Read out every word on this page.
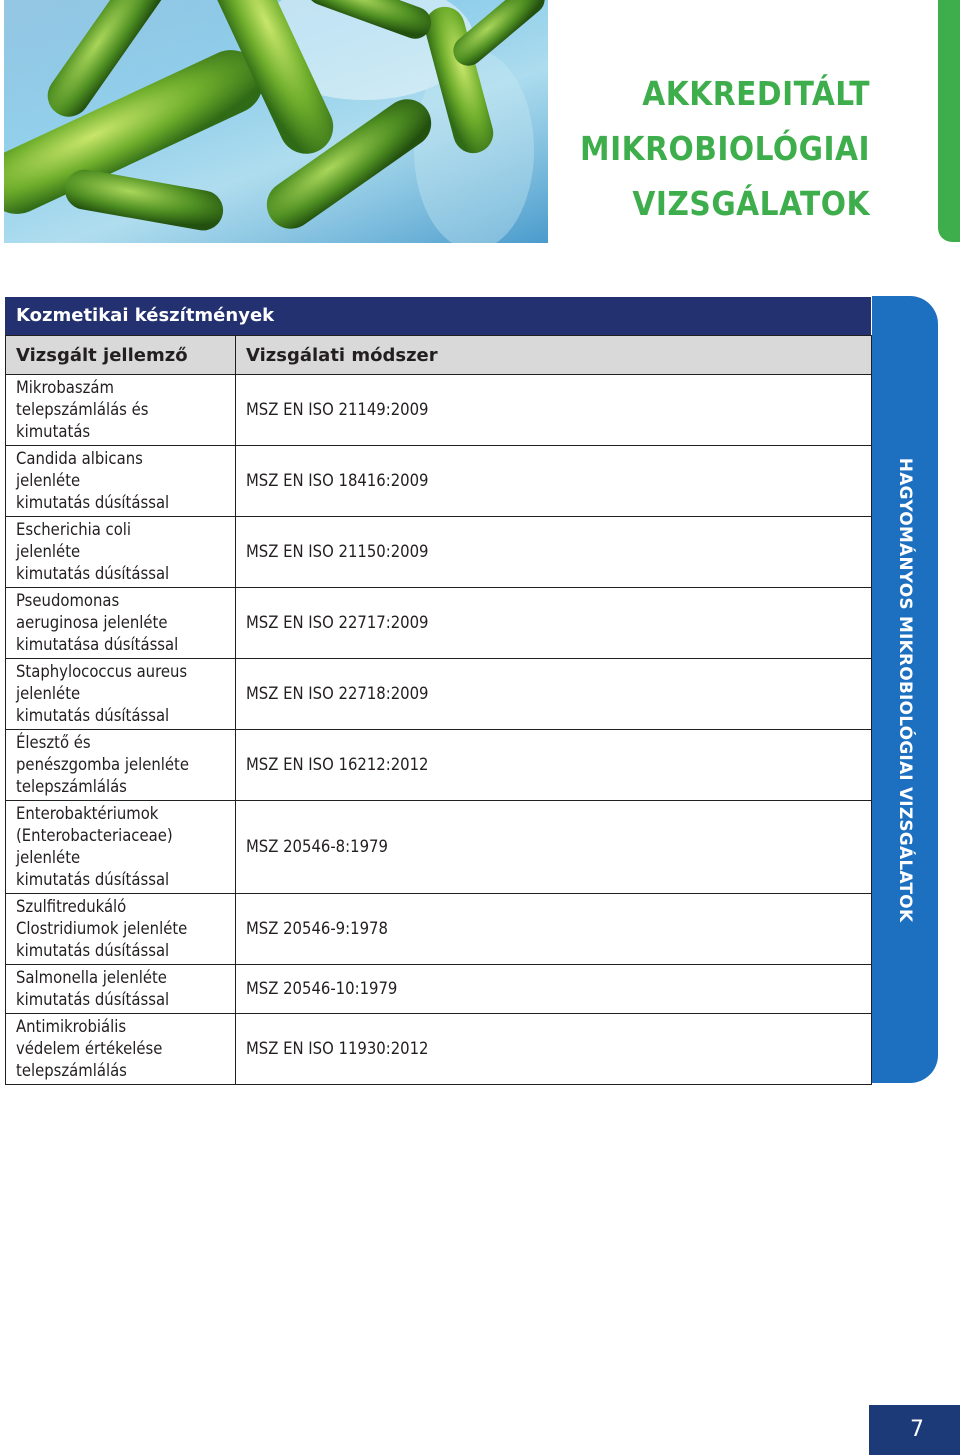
AKKREDITÁLT
MIKROBIOLÓGIAI
VIZSGÁLATOK
HAGYOMÁNYOS MIKROBIOLÓGIAI VIZSGÁLATOK
Kozmetikai készítmények
Vizsgált jellemző	Vizsgálati módszer
Mikrobaszám
telepszámlálás és
kimutatás	MSZ EN ISO 21149:2009
Candida albicans
jelenléte
kimutatás dúsítással	MSZ EN ISO 18416:2009
Escherichia coli
jelenléte
kimutatás dúsítással	MSZ EN ISO 21150:2009
Pseudomonas
aeruginosa jelenléte
kimutatása dúsítással	MSZ EN ISO 22717:2009
Staphylococcus aureus
jelenléte
kimutatás dúsítással	MSZ EN ISO 22718:2009
Élesztő és
penészgomba jelenléte
telepszámlálás	MSZ EN ISO 16212:2012
Enterobaktériumok
(Enterobacteriaceae)
jelenléte
kimutatás dúsítással	MSZ 20546-8:1979
Szulfitredukáló
Clostridiumok jelenléte
kimutatás dúsítással	MSZ 20546-9:1978
Salmonella jelenléte
kimutatás dúsítással	MSZ 20546-10:1979
Antimikrobiális
védelem értékelése
telepszámlálás	MSZ EN ISO 11930:2012
7
